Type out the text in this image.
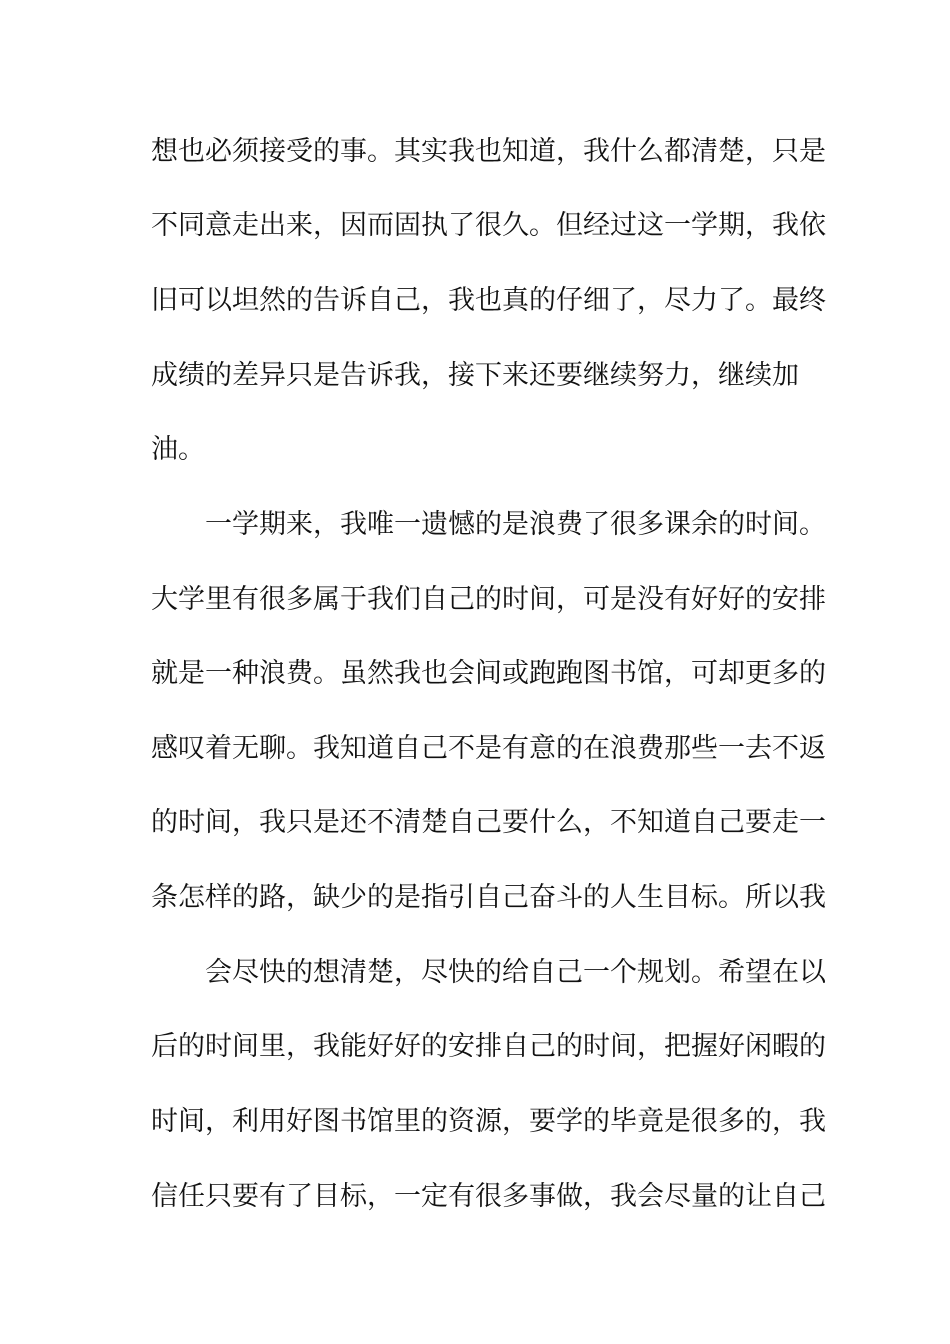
想也必须接受的事。其实我也知道，我什么都清楚，只是
不同意走出来，因而固执了很久。但经过这一学期，我依
旧可以坦然的告诉自己，我也真的仔细了，尽力了。最终
成绩的差异只是告诉我，接下来还要继续努力，继续加
油。
一学期来，我唯一遗憾的是浪费了很多课余的时间。
大学里有很多属于我们自己的时间，可是没有好好的安排
就是一种浪费。虽然我也会间或跑跑图书馆，可却更多的
感叹着无聊。我知道自己不是有意的在浪费那些一去不返
的时间，我只是还不清楚自己要什么，不知道自己要走一
条怎样的路，缺少的是指引自己奋斗的人生目标。所以我
会尽快的想清楚，尽快的给自己一个规划。希望在以
后的时间里，我能好好的安排自己的时间，把握好闲暇的
时间，利用好图书馆里的资源，要学的毕竟是很多的，我
信任只要有了目标，一定有很多事做，我会尽量的让自己
